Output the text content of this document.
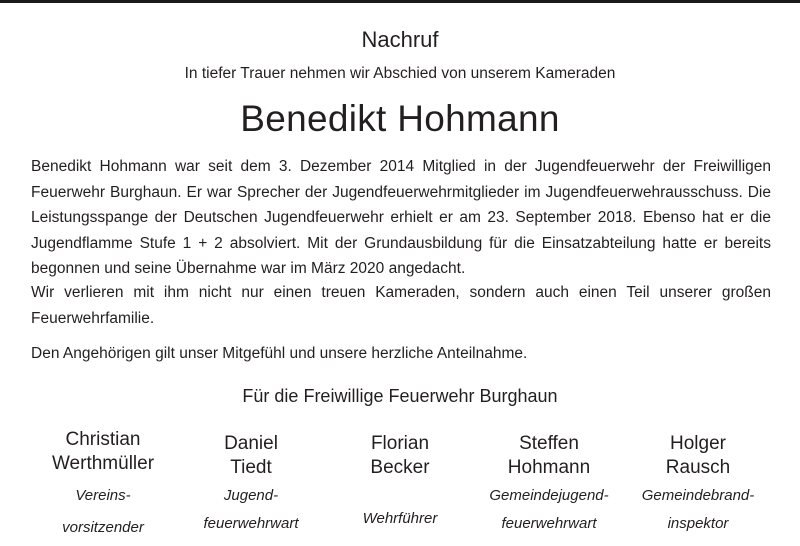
Nachruf
In tiefer Trauer nehmen wir Abschied von unserem Kameraden
Benedikt Hohmann

Benedikt Hohmann war seit dem 3. Dezember 2014 Mitglied in der Jugendfeuerwehr der Freiwilligen Feuerwehr Burghaun. Er war Sprecher der Jugendfeuerwehrmitglieder im Jugendfeuerwehrausschuss. Die Leistungsspange der Deutschen Jugendfeuerwehr erhielt er am 23. September 2018. Ebenso hat er die Jugendflamme Stufe 1 + 2 absolviert. Mit der Grundausbildung für die Einsatzabteilung hatte er bereits begonnen und seine Übernahme war im März 2020 angedacht.

Wir verlieren mit ihm nicht nur einen treuen Kameraden, sondern auch einen Teil unserer großen Feuerwehrfamilie.

Den Angehörigen gilt unser Mitgefühl und unsere herzliche Anteilnahme.

Für die Freiwillige Feuerwehr Burghaun
Christian
Werthmüller
Vereins-
vorsitzender
Daniel
Tiedt
Jugend-
feuerwehrwart
Florian
Becker
Wehrführer
Steffen
Hohmann
Gemeindejugend-
feuerwehrwart
Holger
Rausch
Gemeindebrand-
inspektor
